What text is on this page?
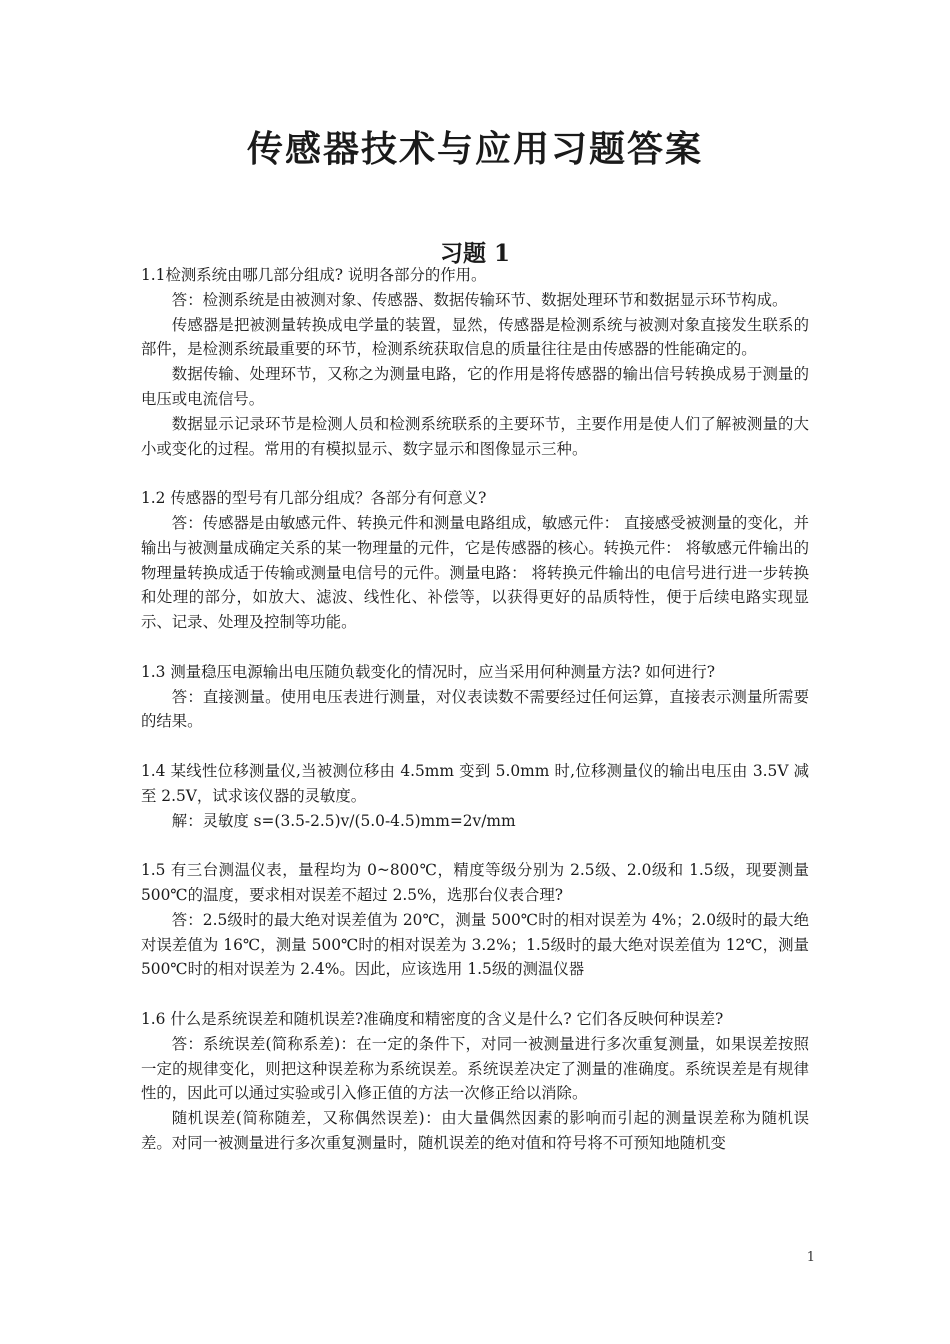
传感器技术与应用习题答案
习题 1

1.1检测系统由哪几部分组成? 说明各部分的作用。

答：检测系统是由被测对象、传感器、数据传输环节、数据处理环节和数据显示环节构成。

传感器是把被测量转换成电学量的装置，显然，传感器是检测系统与被测对象直接发生联系的部件，是检测系统最重要的环节，检测系统获取信息的质量往往是由传感器的性能确定的。

数据传输、处理环节，又称之为测量电路，它的作用是将传感器的输出信号转换成易于测量的电压或电流信号。

数据显示记录环节是检测人员和检测系统联系的主要环节，主要作用是使人们了解被测量的大小或变化的过程。常用的有模拟显示、数字显示和图像显示三种。

1.2 传感器的型号有几部分组成？各部分有何意义?

答：传感器是由敏感元件、转换元件和测量电路组成，敏感元件： 直接感受被测量的变化，并输出与被测量成确定关系的某一物理量的元件，它是传感器的核心。转换元件： 将敏感元件输出的物理量转换成适于传输或测量电信号的元件。测量电路： 将转换元件输出的电信号进行进一步转换和处理的部分，如放大、滤波、线性化、补偿等，以获得更好的品质特性，便于后续电路实现显示、记录、处理及控制等功能。

1.3 测量稳压电源输出电压随负载变化的情况时，应当采用何种测量方法? 如何进行?

答：直接测量。使用电压表进行测量，对仪表读数不需要经过任何运算，直接表示测量所需要的结果。

1.4 某线性位移测量仪,当被测位移由 4.5mm 变到 5.0mm 时,位移测量仪的输出电压由 3.5V 减至 2.5V，试求该仪器的灵敏度。

解：灵敏度 s=(3.5-2.5)v/(5.0-4.5)mm=2v/mm

1.5 有三台测温仪表，量程均为 0~800℃，精度等级分别为 2.5级、2.0级和 1.5级，现要测量 500℃的温度，要求相对误差不超过 2.5%，选那台仪表合理?

答：2.5级时的最大绝对误差值为 20℃，测量 500℃时的相对误差为 4%；2.0级时的最大绝对误差值为 16℃，测量 500℃时的相对误差为 3.2%；1.5级时的最大绝对误差值为 12℃，测量 500℃时的相对误差为 2.4%。因此，应该选用 1.5级的测温仪器

1.6 什么是系统误差和随机误差?准确度和精密度的含义是什么? 它们各反映何种误差?

答：系统误差(简称系差)：在一定的条件下，对同一被测量进行多次重复测量，如果误差按照一定的规律变化，则把这种误差称为系统误差。系统误差决定了测量的准确度。系统误差是有规律性的，因此可以通过实验或引入修正值的方法一次修正给以消除。

随机误差(简称随差，又称偶然误差)：由大量偶然因素的影响而引起的测量误差称为随机误差。对同一被测量进行多次重复测量时，随机误差的绝对值和符号将不可预知地随机变

1
